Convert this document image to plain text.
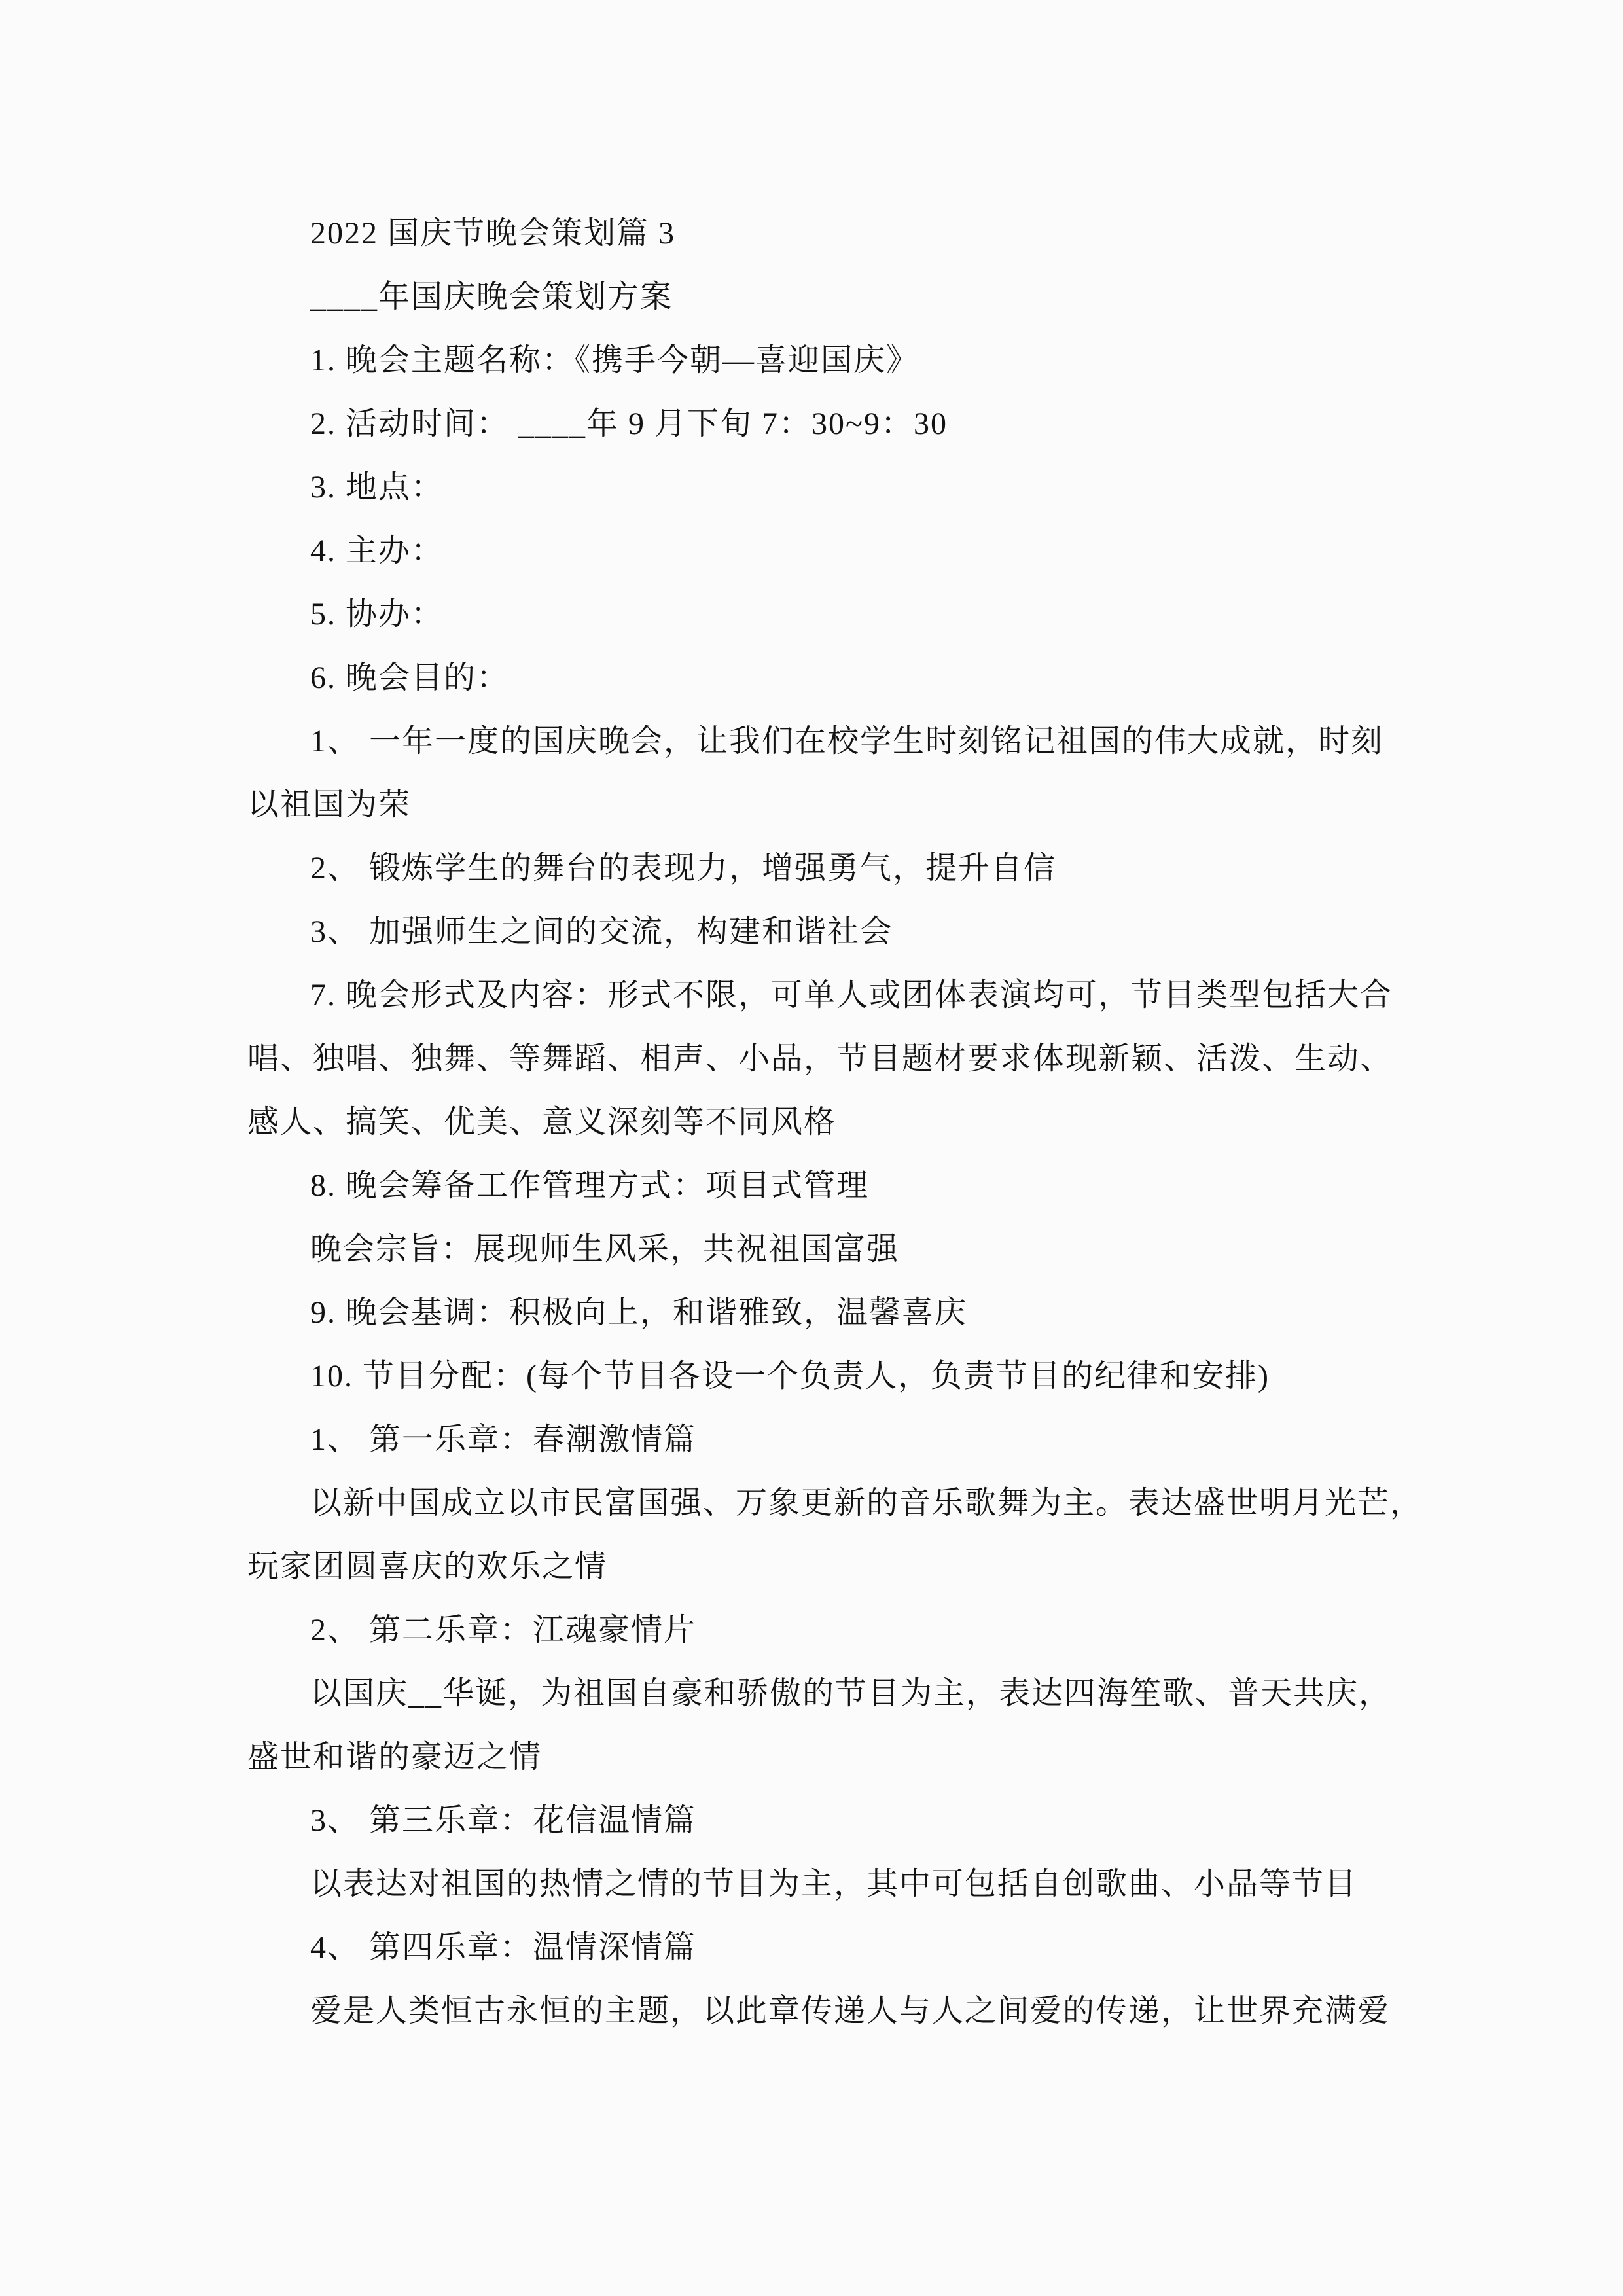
2022 国庆节晚会策划篇 3
____年国庆晚会策划方案
1. 晚会主题名称：《携手今朝—喜迎国庆》
2. 活动时间： ____年 9 月下旬 7：30~9：30
3. 地点：
4. 主办：
5. 协办：
6. 晚会目的：
1、 一年一度的国庆晚会，让我们在校学生时刻铭记祖国的伟大成就，时刻
以祖国为荣
2、 锻炼学生的舞台的表现力，增强勇气，提升自信
3、 加强师生之间的交流，构建和谐社会
7. 晚会形式及内容：形式不限，可单人或团体表演均可，节目类型包括大合
唱、独唱、独舞、等舞蹈、相声、小品，节目题材要求体现新颖、活泼、生动、
感人、搞笑、优美、意义深刻等不同风格
8. 晚会筹备工作管理方式：项目式管理
晚会宗旨：展现师生风采，共祝祖国富强
9. 晚会基调：积极向上，和谐雅致，温馨喜庆
10. 节目分配：(每个节目各设一个负责人，负责节目的纪律和安排)
1、 第一乐章：春潮激情篇
以新中国成立以市民富国强、万象更新的音乐歌舞为主。表达盛世明月光芒，
玩家团圆喜庆的欢乐之情
2、 第二乐章：江魂豪情片
以国庆__华诞，为祖国自豪和骄傲的节目为主，表达四海笙歌、普天共庆，
盛世和谐的豪迈之情
3、 第三乐章：花信温情篇
以表达对祖国的热情之情的节目为主，其中可包括自创歌曲、小品等节目
4、 第四乐章：温情深情篇
爱是人类恒古永恒的主题，以此章传递人与人之间爱的传递，让世界充满爱
